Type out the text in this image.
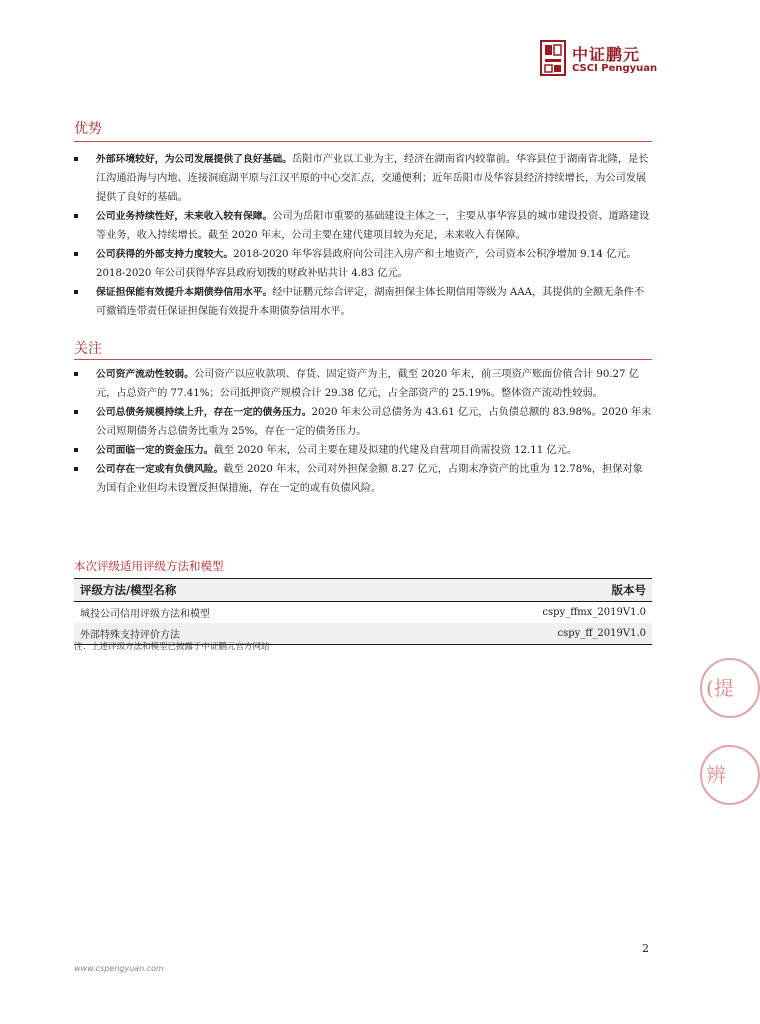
中证鹏元
CSCI Pengyuan
优势
外部环境较好，为公司发展提供了良好基础。岳阳市产业以工业为主，经济在湖南省内较靠前。华容县位于湖南省北隆，是长江沟通沿海与内地、连接洞庭湖平原与江汉平原的中心交汇点，交通便利；近年岳阳市及华容县经济持续增长，为公司发展提供了良好的基础。
公司业务持续性好，未来收入较有保障。公司为岳阳市重要的基础建设主体之一，主要从事华容县的城市建设投资、道路建设等业务，收入持续增长。截至 2020 年末，公司主要在建代建项目较为充足，未来收入有保障。
公司获得的外部支持力度较大。2018-2020 年华容县政府向公司注入房产和土地资产，公司资本公积净增加 9.14 亿元。2018-2020 年公司获得华容县政府划拨的财政补贴共计 4.83 亿元。
保证担保能有效提升本期债券信用水平。经中证鹏元综合评定，湖南担保主体长期信用等级为 AAA，其提供的全额无条件不可撤销连带责任保证担保能有效提升本期债券信用水平。
关注
公司资产流动性较弱。公司资产以应收款项、存货、固定资产为主，截至 2020 年末，前三项资产账面价值合计 90.27 亿元，占总资产的 77.41%；公司抵押资产规模合计 29.38 亿元，占全部资产的 25.19%。整体资产流动性较弱。
公司总债务规模持续上升，存在一定的债务压力。2020 年末公司总债务为 43.61 亿元，占负债总额的 83.98%。2020 年末公司短期债务占总债务比重为 25%，存在一定的债务压力。
公司面临一定的资金压力。截至 2020 年末，公司主要在建及拟建的代建及自营项目尚需投资 12.11 亿元。
公司存在一定或有负债风险。截至 2020 年末，公司对外担保金额 8.27 亿元，占期末净资产的比重为 12.78%，担保对象为国有企业但均未设置反担保措施，存在一定的或有负债风险。
本次评级适用评级方法和模型
评级方法/模型名称	版本号
城投公司信用评级方法和模型	cspy_ffmx_2019V1.0
外部特殊支持评价方法	cspy_ff_2019V1.0
注：上述评级方法和模型已披露于中证鹏元官方网站
(提
辨
2
www.cspengyuan.com
